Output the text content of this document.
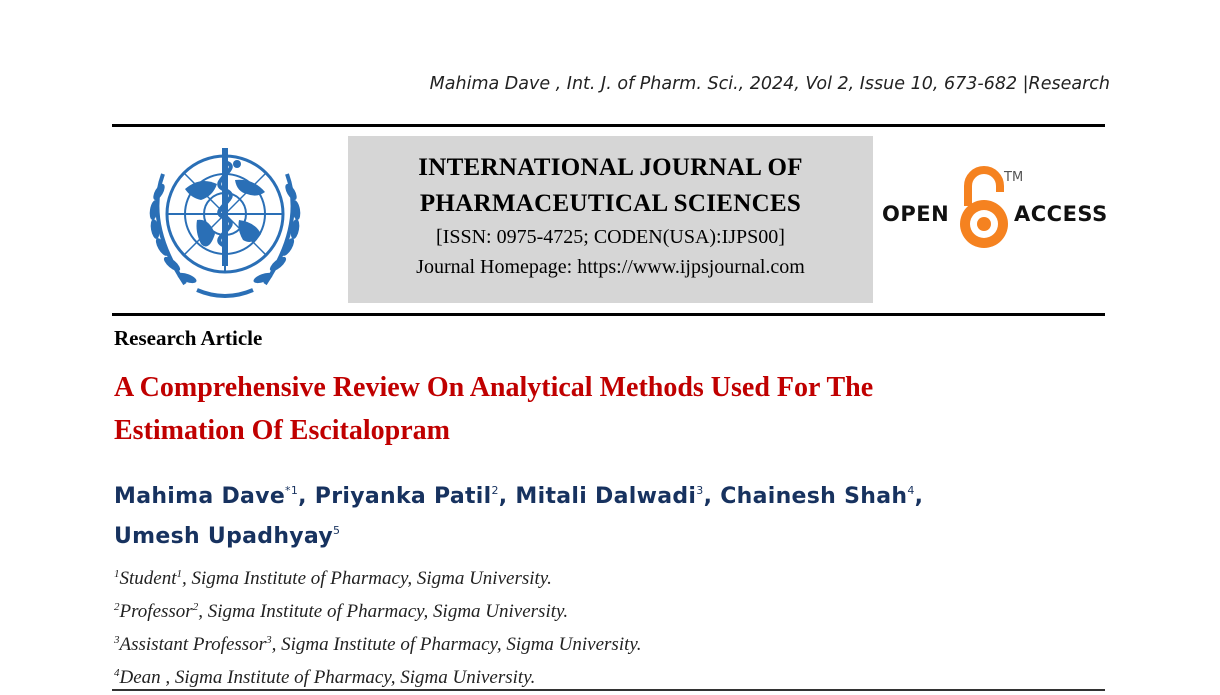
Mahima Dave , Int. J. of Pharm. Sci., 2024, Vol 2, Issue 10, 673-682 |Research
INTERNATIONAL JOURNAL OF
PHARMACEUTICAL SCIENCES
[ISSN: 0975-4725; CODEN(USA):IJPS00]
Journal Homepage: https://www.ijpsjournal.com
OPEN
TM
ACCESS
Research Article
A Comprehensive Review On Analytical Methods Used For The
Estimation Of Escitalopram
Mahima Dave$^{*1}$, Priyanka Patil$^2$, Mitali Dalwadi$^3$, Chainesh Shah$^4$,   Umesh Upadhyay$^5$
$^1$Student$^1$, Sigma Institute of Pharmacy, Sigma University.
$^2$Professor$^2$, Sigma Institute of Pharmacy, Sigma University.
$^3$Assistant Professor$^3$, Sigma Institute of Pharmacy, Sigma University.
$^4$Dean , Sigma Institute of Pharmacy, Sigma University.
